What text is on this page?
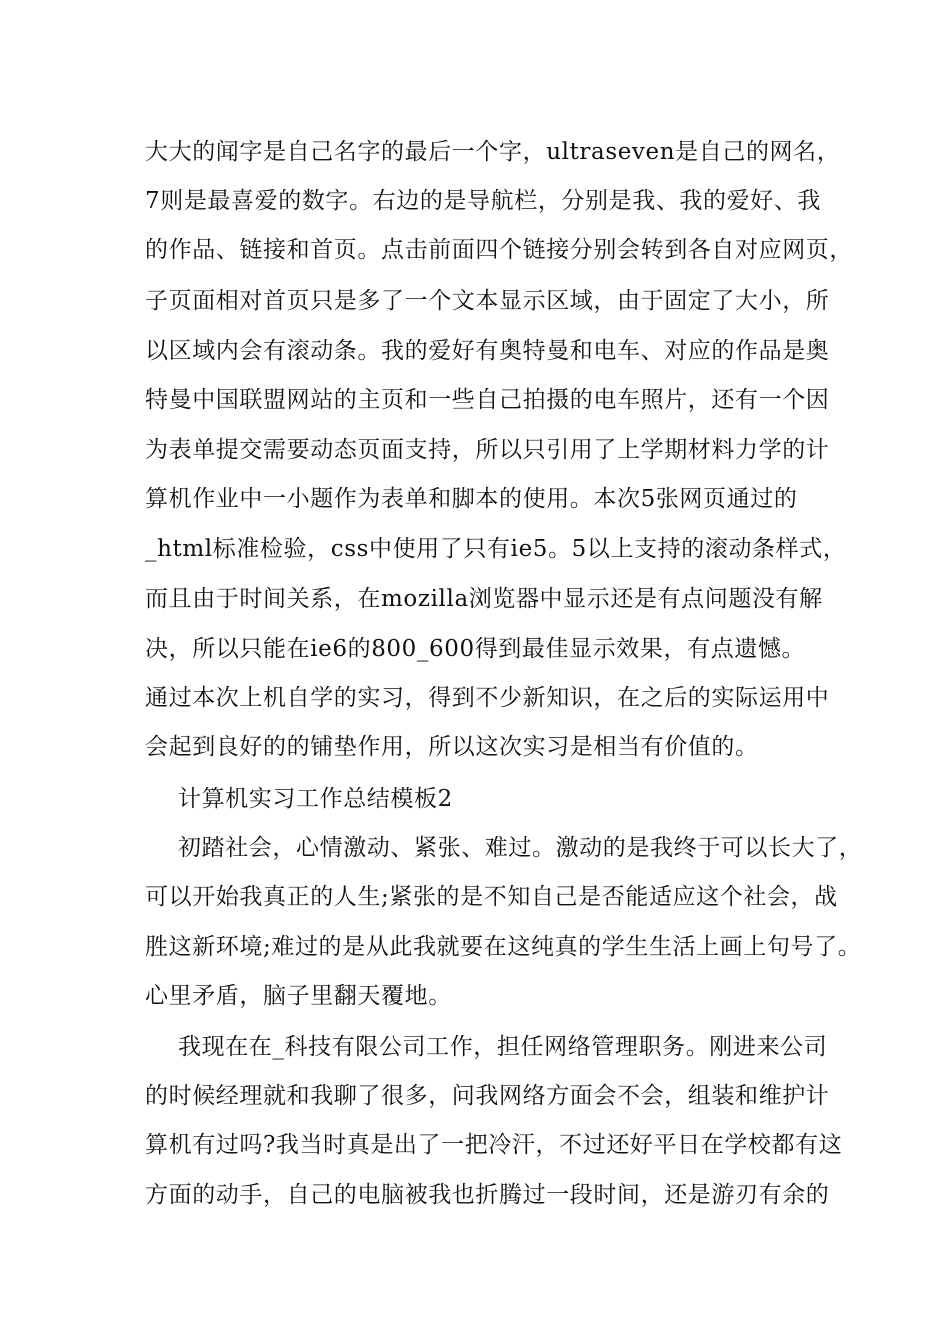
大大的闻字是自己名字的最后一个字，ultraseven是自己的网名，
7则是最喜爱的数字。右边的是导航栏，分别是我、我的爱好、我
的作品、链接和首页。点击前面四个链接分别会转到各自对应网页，
子页面相对首页只是多了一个文本显示区域，由于固定了大小，所
以区域内会有滚动条。我的爱好有奥特曼和电车、对应的作品是奥
特曼中国联盟网站的主页和一些自己拍摄的电车照片，还有一个因
为表单提交需要动态页面支持，所以只引用了上学期材料力学的计
算机作业中一小题作为表单和脚本的使用。本次5张网页通过的
_html标准检验，css中使用了只有ie5。5以上支持的滚动条样式，
而且由于时间关系，在mozilla浏览器中显示还是有点问题没有解
决，所以只能在ie6的800_600得到最佳显示效果，有点遗憾。
通过本次上机自学的实习，得到不少新知识，在之后的实际运用中
会起到良好的的铺垫作用，所以这次实习是相当有价值的。
计算机实习工作总结模板2
初踏社会，心情激动、紧张、难过。激动的是我终于可以长大了，
可以开始我真正的人生;紧张的是不知自己是否能适应这个社会，战
胜这新环境;难过的是从此我就要在这纯真的学生生活上画上句号了。
心里矛盾，脑子里翻天覆地。
我现在在_科技有限公司工作，担任网络管理职务。刚进来公司
的时候经理就和我聊了很多，问我网络方面会不会，组装和维护计
算机有过吗?我当时真是出了一把冷汗，不过还好平日在学校都有这
方面的动手，自己的电脑被我也折腾过一段时间，还是游刃有余的
